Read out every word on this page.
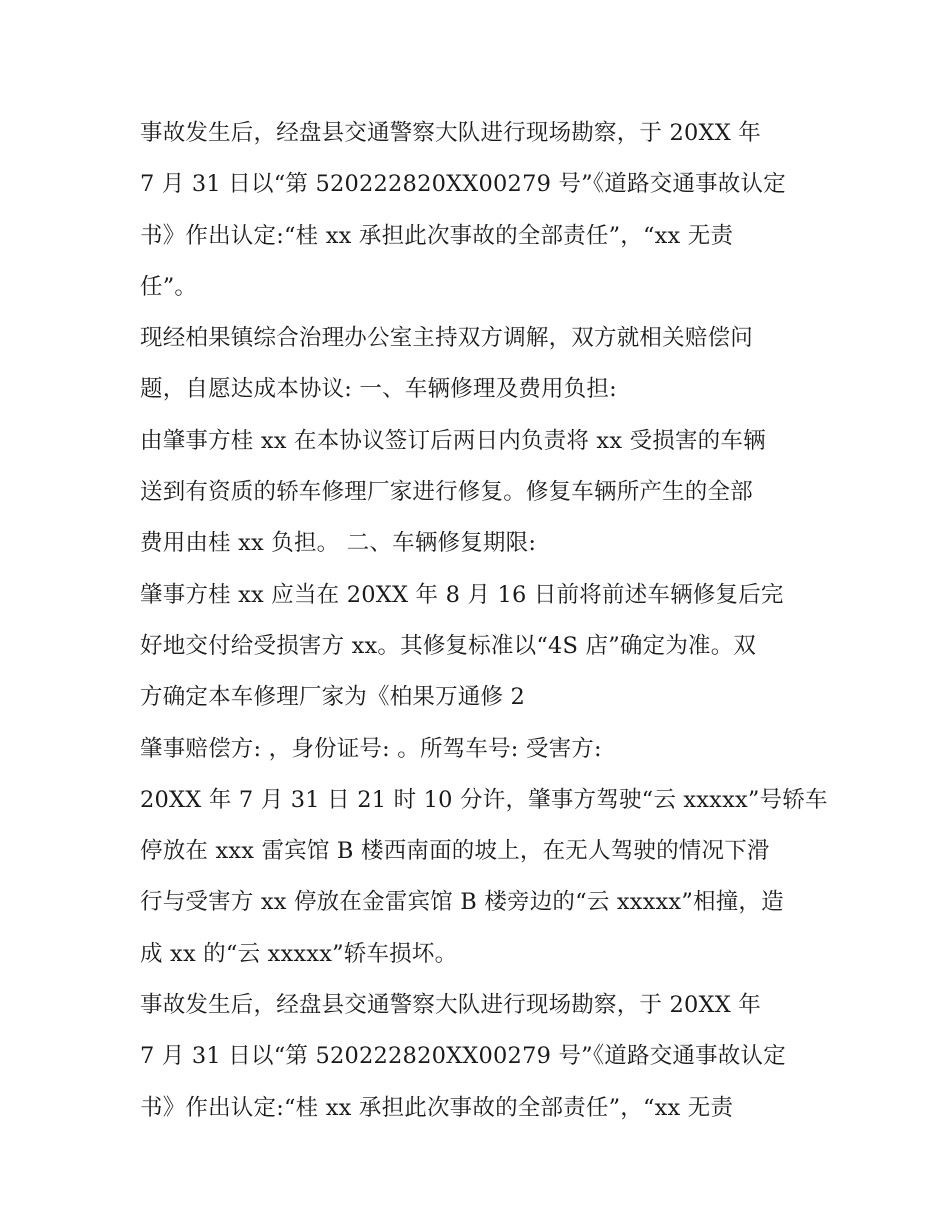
事故发生后，经盘县交通警察大队进行现场勘察，于 20XX 年
7 月 31 日以“第 520222820XX00279 号”《道路交通事故认定
书》作出认定:“桂 xx 承担此次事故的全部责任”，“xx 无责
任”。
现经柏果镇综合治理办公室主持双方调解，双方就相关赔偿问
题，自愿达成本协议: 一、车辆修理及费用负担:
由肇事方桂 xx 在本协议签订后两日内负责将 xx 受损害的车辆
送到有资质的轿车修理厂家进行修复。修复车辆所产生的全部
费用由桂 xx 负担。 二、车辆修复期限:
肇事方桂 xx 应当在 20XX 年 8 月 16 日前将前述车辆修复后完
好地交付给受损害方 xx。其修复标准以“4S 店”确定为准。双
方确定本车修理厂家为《柏果万通修 2
肇事赔偿方: ，身份证号: 。所驾车号: 受害方:
20XX 年 7 月 31 日 21 时 10 分许，肇事方驾驶“云 xxxxx”号轿车
停放在 xxx 雷宾馆 B 楼西南面的坡上，在无人驾驶的情况下滑
行与受害方 xx 停放在金雷宾馆 B 楼旁边的“云 xxxxx”相撞，造
成 xx 的“云 xxxxx”轿车损坏。
事故发生后，经盘县交通警察大队进行现场勘察，于 20XX 年
7 月 31 日以“第 520222820XX00279 号”《道路交通事故认定
书》作出认定:“桂 xx 承担此次事故的全部责任”，“xx 无责
